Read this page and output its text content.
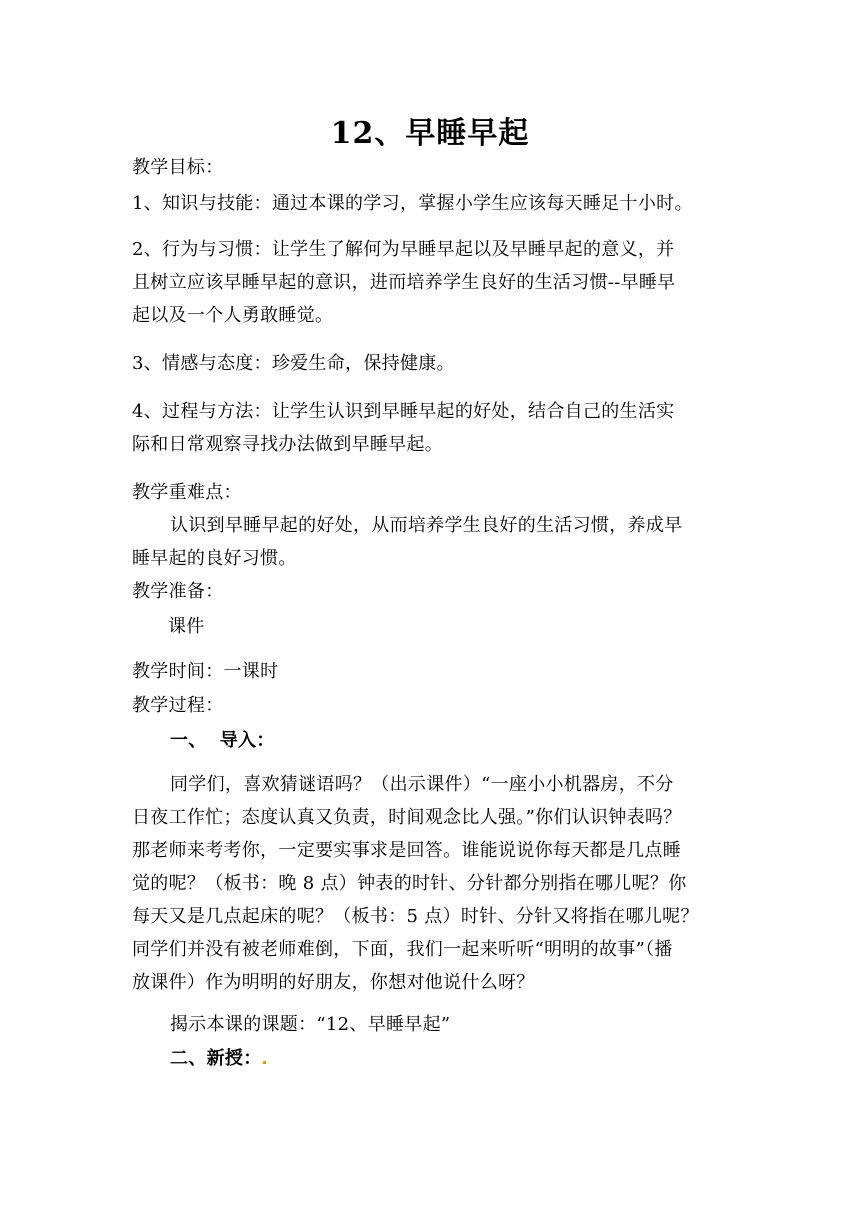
12、早睡早起
教学目标：
1、知识与技能：通过本课的学习，掌握小学生应该每天睡足十小时。
2、行为与习惯：让学生了解何为早睡早起以及早睡早起的意义，并
且树立应该早睡早起的意识，进而培养学生良好的生活习惯--早睡早
起以及一个人勇敢睡觉。
3、情感与态度：珍爱生命，保持健康。
4、过程与方法：让学生认识到早睡早起的好处，结合自己的生活实
际和日常观察寻找办法做到早睡早起。
教学重难点：
认识到早睡早起的好处，从而培养学生良好的生活习惯，养成早
睡早起的良好习惯。
教学准备：
课件
教学时间：一课时
教学过程：
一、  导入：
同学们，喜欢猜谜语吗？（出示课件）“一座小小机器房，不分
日夜工作忙；态度认真又负责，时间观念比人强。”你们认识钟表吗？
那老师来考考你，一定要实事求是回答。谁能说说你每天都是几点睡
觉的呢？（板书：晚 8 点）钟表的时针、分针都分别指在哪儿呢？你
每天又是几点起床的呢？（板书：5 点）时针、分针又将指在哪儿呢？
同学们并没有被老师难倒，下面，我们一起来听听“明明的故事”（播
放课件）作为明明的好朋友，你想对他说什么呀？
揭示本课的课题：“12、早睡早起”
二、新授：
